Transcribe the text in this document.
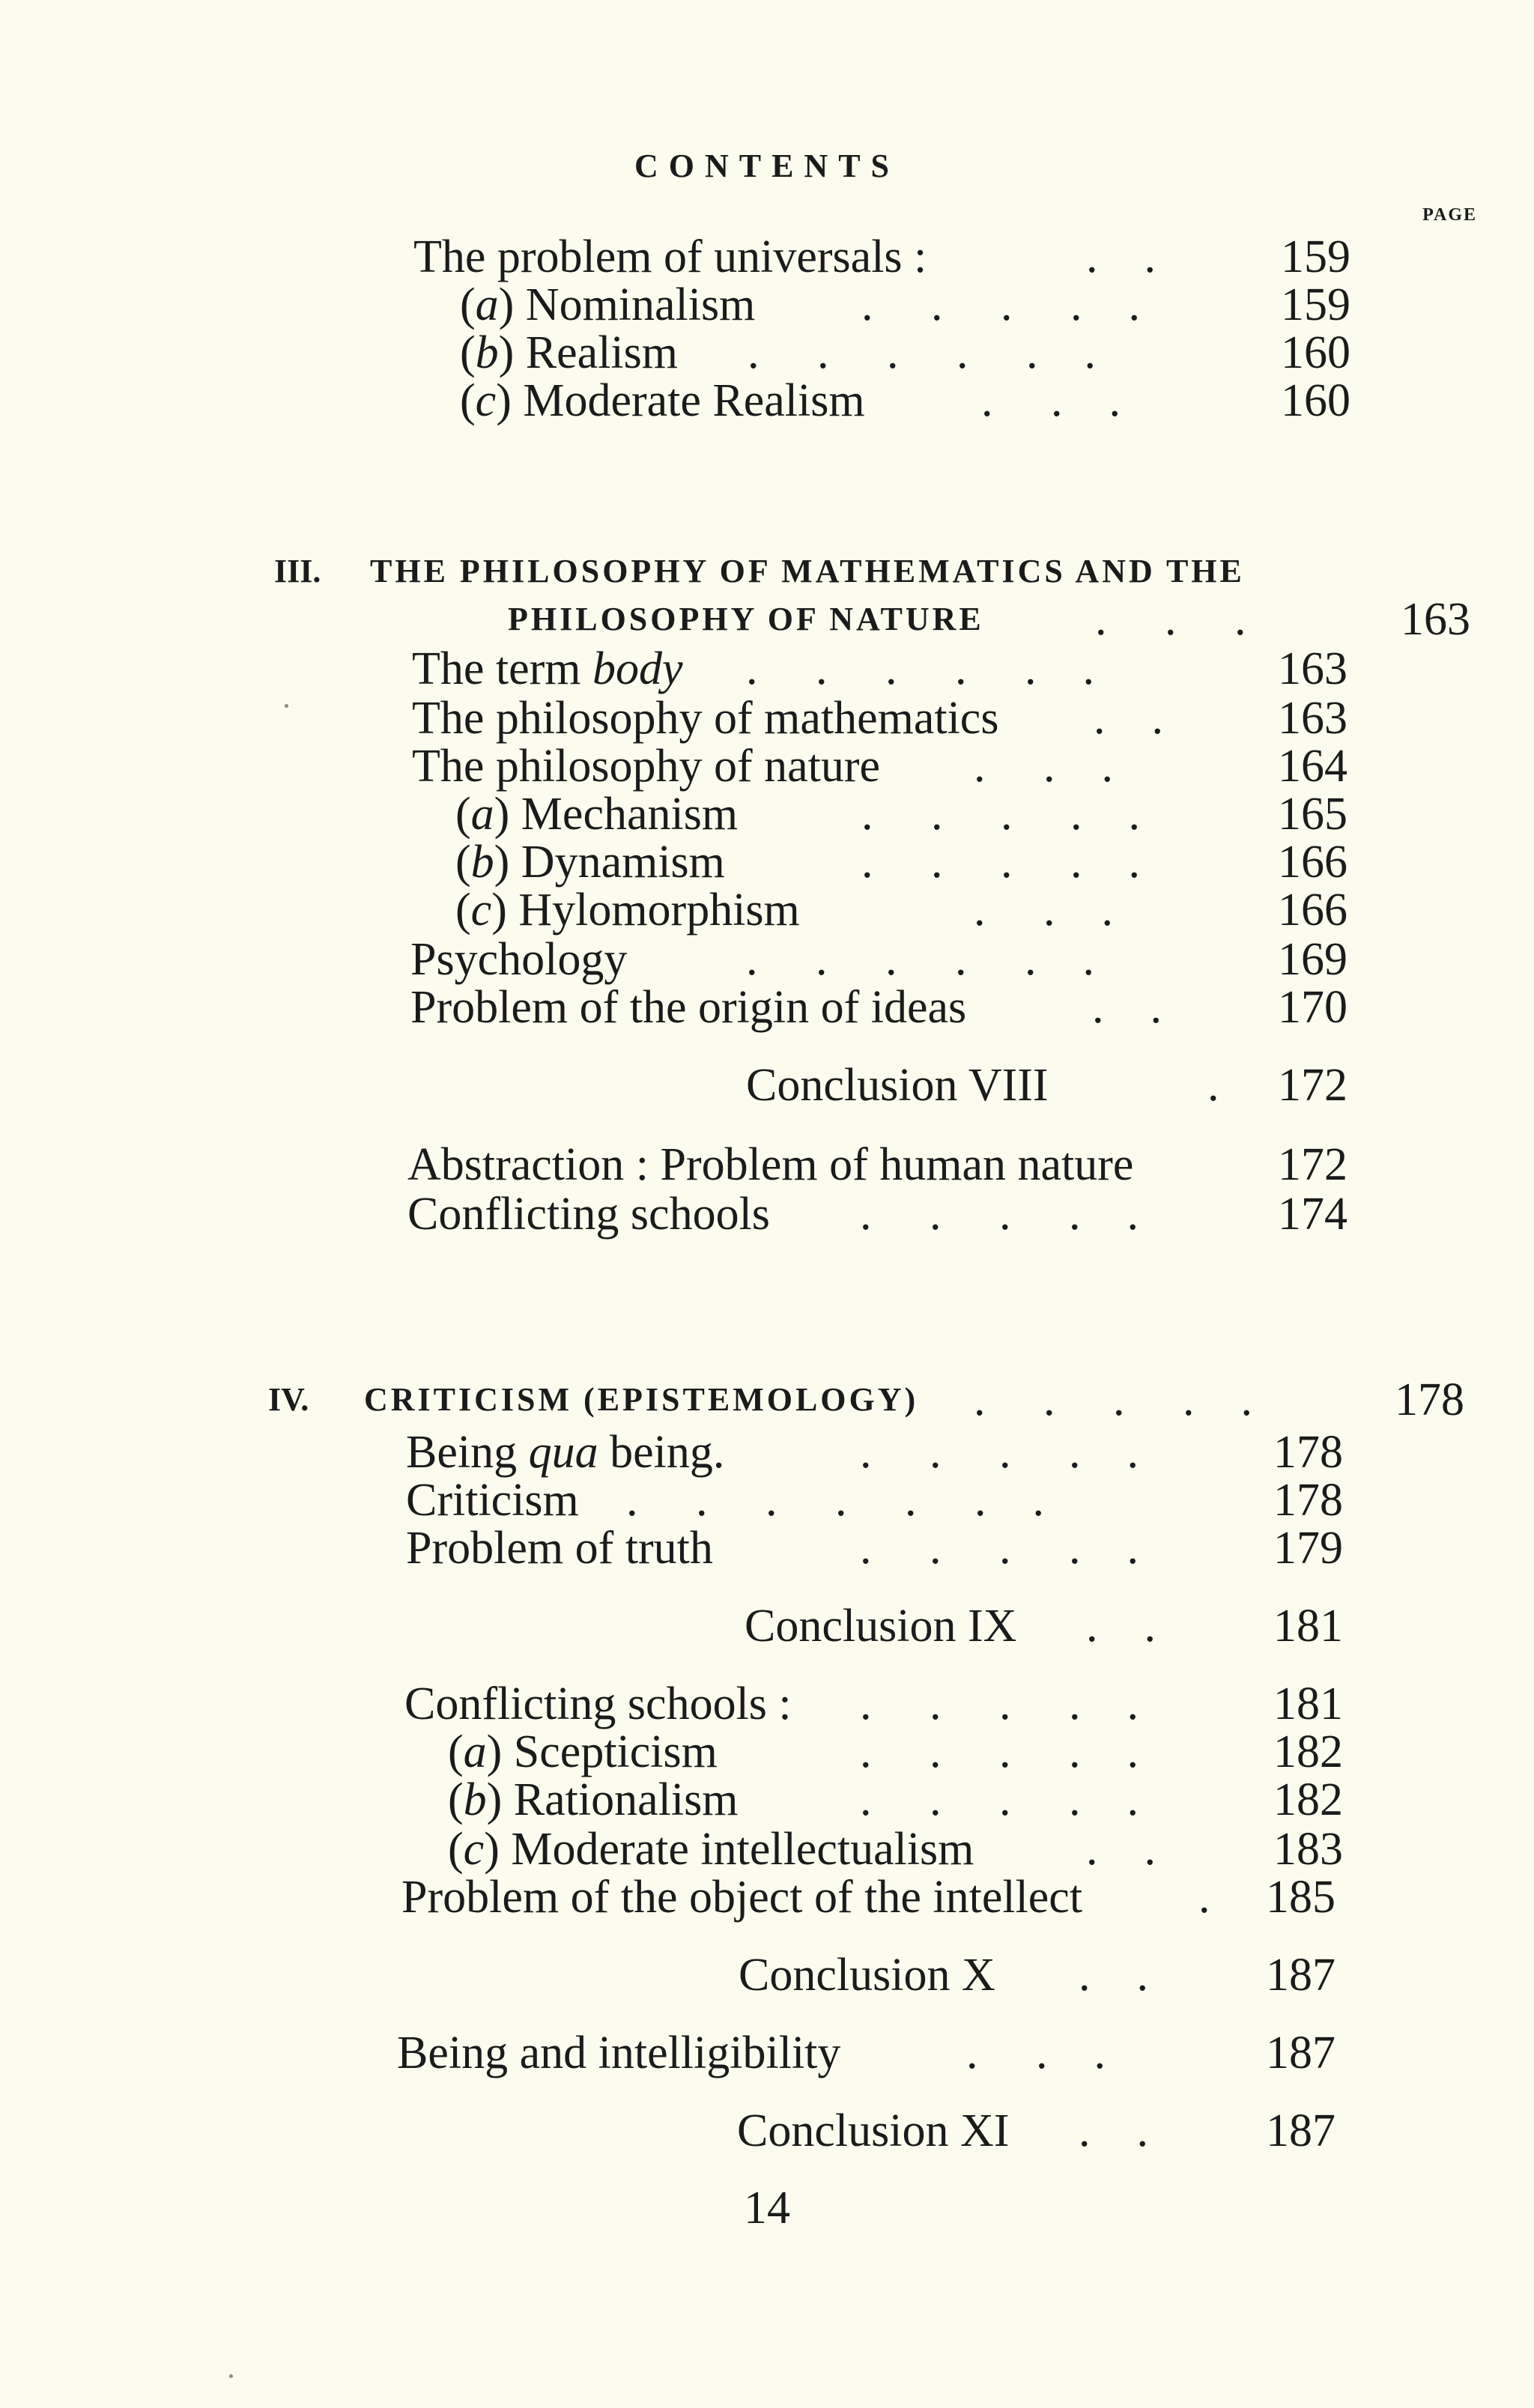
CONTENTS
PAGE
The problem of universals :	.    .	159
(a) Nominalism .     .     .     .    .	159
(b) Realism .     .     .     .     .    .	160
(c) Moderate Realism	.     .    .	160
III. THE PHILOSOPHY OF MATHEMATICS AND THE
PHILOSOPHY OF NATURE .     .     .	163
The term body .     .     .     .     .    .	163
The philosophy of mathematics .    . 163
The philosophy of nature .     .    .	164
(a) Mechanism	.     .     .     .    .	165
(b) Dynamism	.     .     .     .    .	166
(c) Hylomorphism	.     .    .	166
Psychology	.     .     .     .     .    .	169
Problem of the origin of ideas	.    .	170
Conclusion VIII	. 172
Abstraction : Problem of human nature	172
Conflicting schools .     .     .     .    .	174
IV. CRITICISM (EPISTEMOLOGY) .     .     .     .    .	178
Being qua being.	.     .     .     .    .	178
Criticism .     .     .     .     .     .    .	178
Problem of truth	.     .     .     .    .	179
Conclusion IX .    .	181
Conflicting schools : .     .     .     .    .	181
(a) Scepticism	.     .     .     .    .	182
(b) Rationalism	.     .     .     .    .	182
(c) Moderate intellectualism .    .	183
Problem of the object of the intellect . 185
Conclusion X .    .	187
Being and intelligibility	.     .    .	187
Conclusion XI .    .	187
14
